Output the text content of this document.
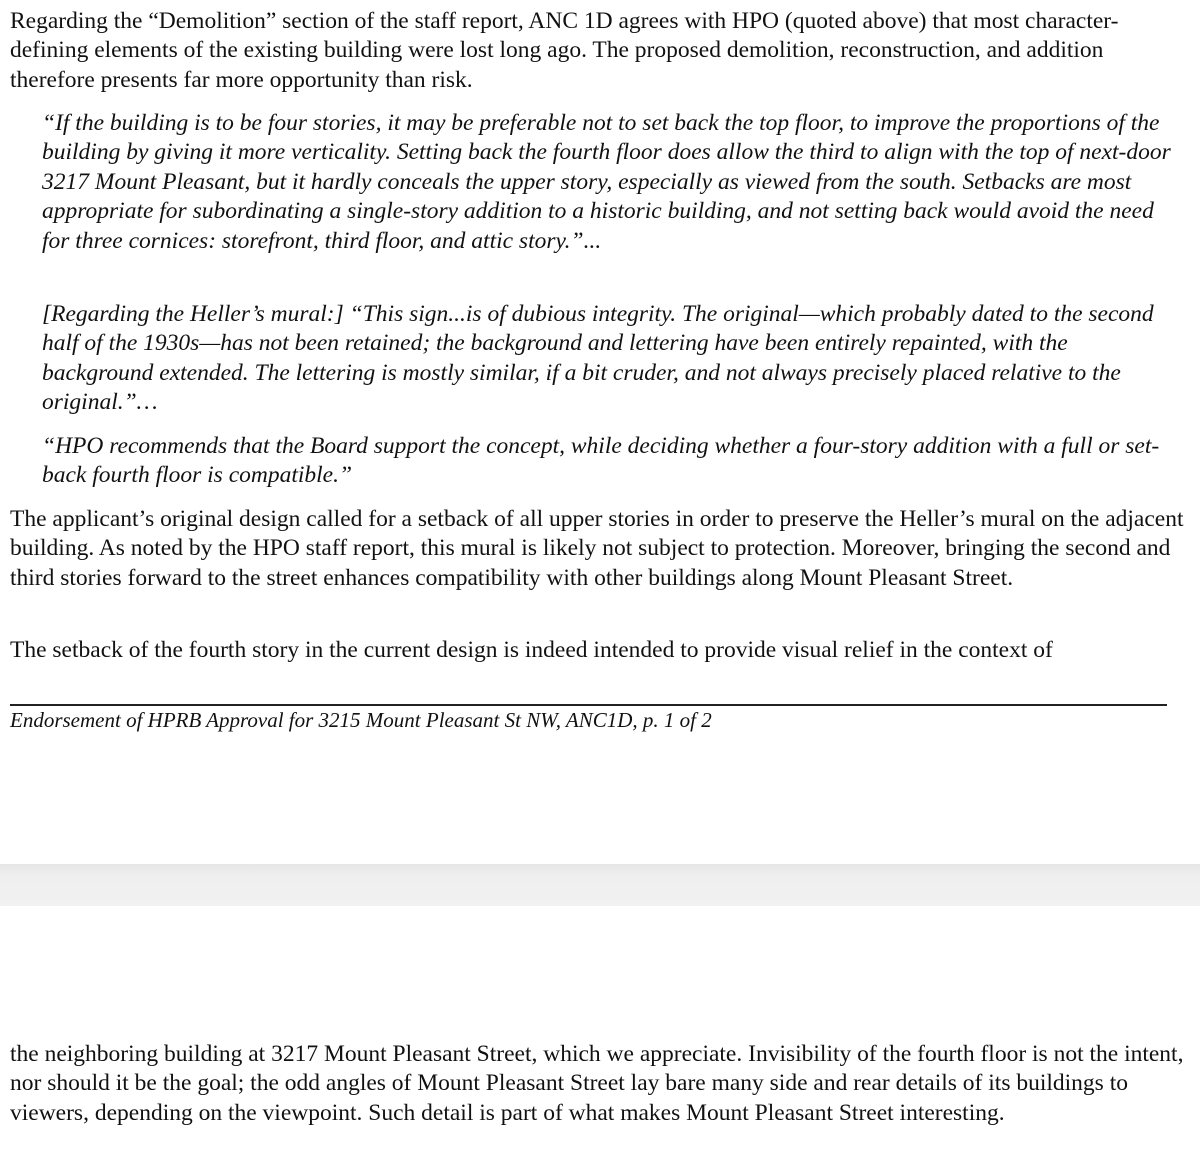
Regarding the “Demolition” section of the staff report, ANC 1D agrees with HPO (quoted above) that most character-defining elements of the existing building were lost long ago. The proposed demolition, reconstruction, and addition therefore presents far more opportunity than risk.

“If the building is to be four stories, it may be preferable not to set back the top floor, to improve the proportions of the building by giving it more verticality. Setting back the fourth floor does allow the third to align with the top of next-door 3217 Mount Pleasant, but it hardly conceals the upper story, especially as viewed from the south. Setbacks are most appropriate for subordinating a single-story addition to a historic building, and not setting back would avoid the need for three cornices: storefront, third floor, and attic story.”...

[Regarding the Heller’s mural:] “This sign...is of dubious integrity. The original—which probably dated to the second half of the 1930s—has not been retained; the background and lettering have been entirely repainted, with the background extended. The lettering is mostly similar, if a bit cruder, and not always precisely placed relative to the original.”…

“HPO recommends that the Board support the concept, while deciding whether a four-story addition with a full or set-back fourth floor is compatible.”

The applicant’s original design called for a setback of all upper stories in order to preserve the Heller’s mural on the adjacent building. As noted by the HPO staff report, this mural is likely not subject to protection. Moreover, bringing the second and third stories forward to the street enhances compatibility with other buildings along Mount Pleasant Street.

The setback of the fourth story in the current design is indeed intended to provide visual relief in the context of

Endorsement of HPRB Approval for 3215 Mount Pleasant St NW, ANC1D, p. 1 of 2

the neighboring building at 3217 Mount Pleasant Street, which we appreciate. Invisibility of the fourth floor is not the intent, nor should it be the goal; the odd angles of Mount Pleasant Street lay bare many side and rear details of its buildings to viewers, depending on the viewpoint. Such detail is part of what makes Mount Pleasant Street interesting.
